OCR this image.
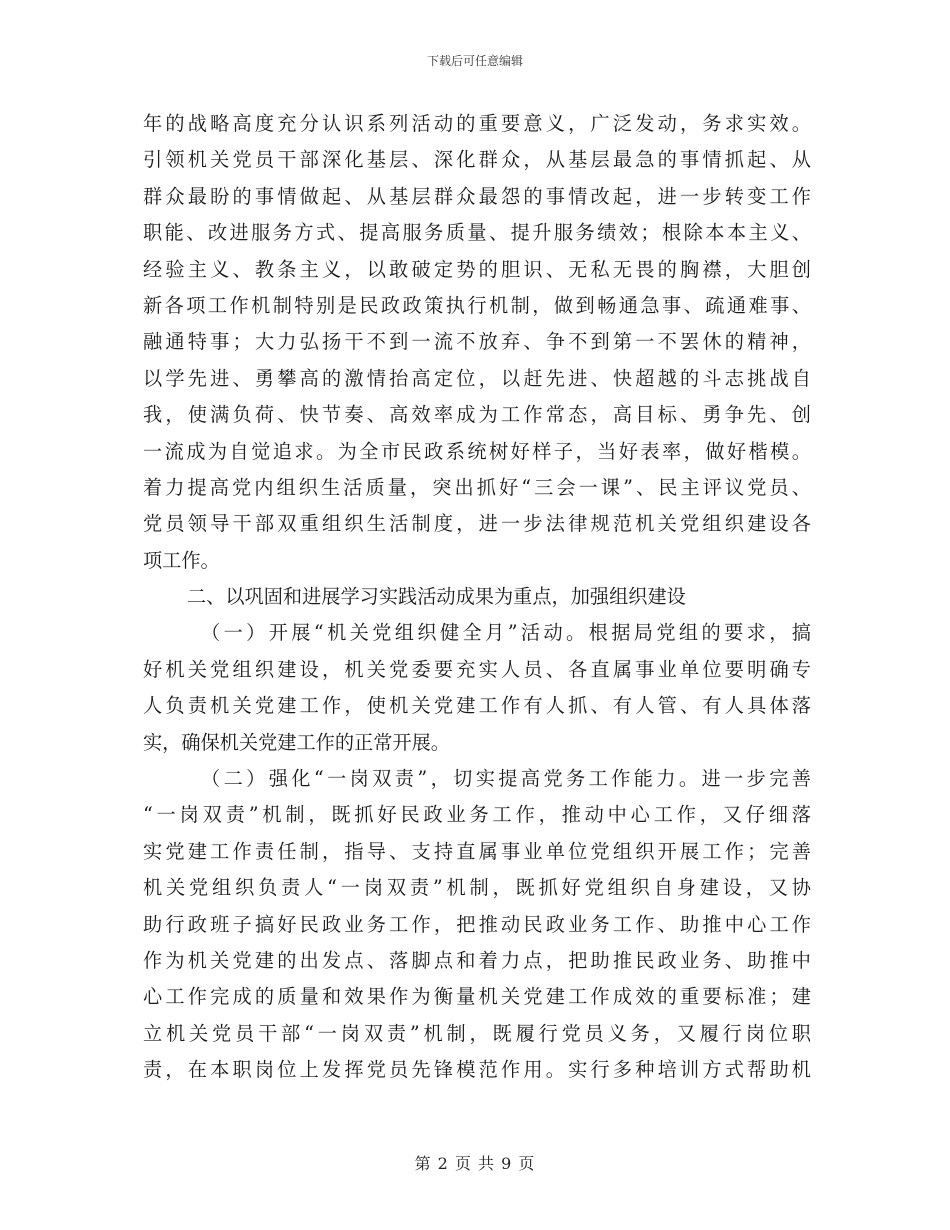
下载后可任意编辑
年的战略高度充分认识系列活动的重要意义，广泛发动，务求实效。
引领机关党员干部深化基层、深化群众，从基层最急的事情抓起、从
群众最盼的事情做起、从基层群众最怨的事情改起，进一步转变工作
职能、改进服务方式、提高服务质量、提升服务绩效；根除本本主义、
经验主义、教条主义，以敢破定势的胆识、无私无畏的胸襟，大胆创
新各项工作机制特别是民政政策执行机制，做到畅通急事、疏通难事、
融通特事；大力弘扬干不到一流不放弃、争不到第一不罢休的精神，
以学先进、勇攀高的激情抬高定位，以赶先进、快超越的斗志挑战自
我，使满负荷、快节奏、高效率成为工作常态，高目标、勇争先、创
一流成为自觉追求。为全市民政系统树好样子，当好表率，做好楷模。
着力提高党内组织生活质量，突出抓好“三会一课”、民主评议党员、
党员领导干部双重组织生活制度，进一步法律规范机关党组织建设各
项工作。
二、以巩固和进展学习实践活动成果为重点，加强组织建设
（一）开展“机关党组织健全月”活动。根据局党组的要求，搞
好机关党组织建设，机关党委要充实人员、各直属事业单位要明确专
人负责机关党建工作，使机关党建工作有人抓、有人管、有人具体落
实，确保机关党建工作的正常开展。
（二）强化“一岗双责”，切实提高党务工作能力。进一步完善
“一岗双责”机制，既抓好民政业务工作，推动中心工作，又仔细落
实党建工作责任制，指导、支持直属事业单位党组织开展工作；完善
机关党组织负责人“一岗双责”机制，既抓好党组织自身建设，又协
助行政班子搞好民政业务工作，把推动民政业务工作、助推中心工作
作为机关党建的出发点、落脚点和着力点，把助推民政业务、助推中
心工作完成的质量和效果作为衡量机关党建工作成效的重要标准；建
立机关党员干部“一岗双责”机制，既履行党员义务，又履行岗位职
责，在本职岗位上发挥党员先锋模范作用。实行多种培训方式帮助机
第 2 页 共 9 页
